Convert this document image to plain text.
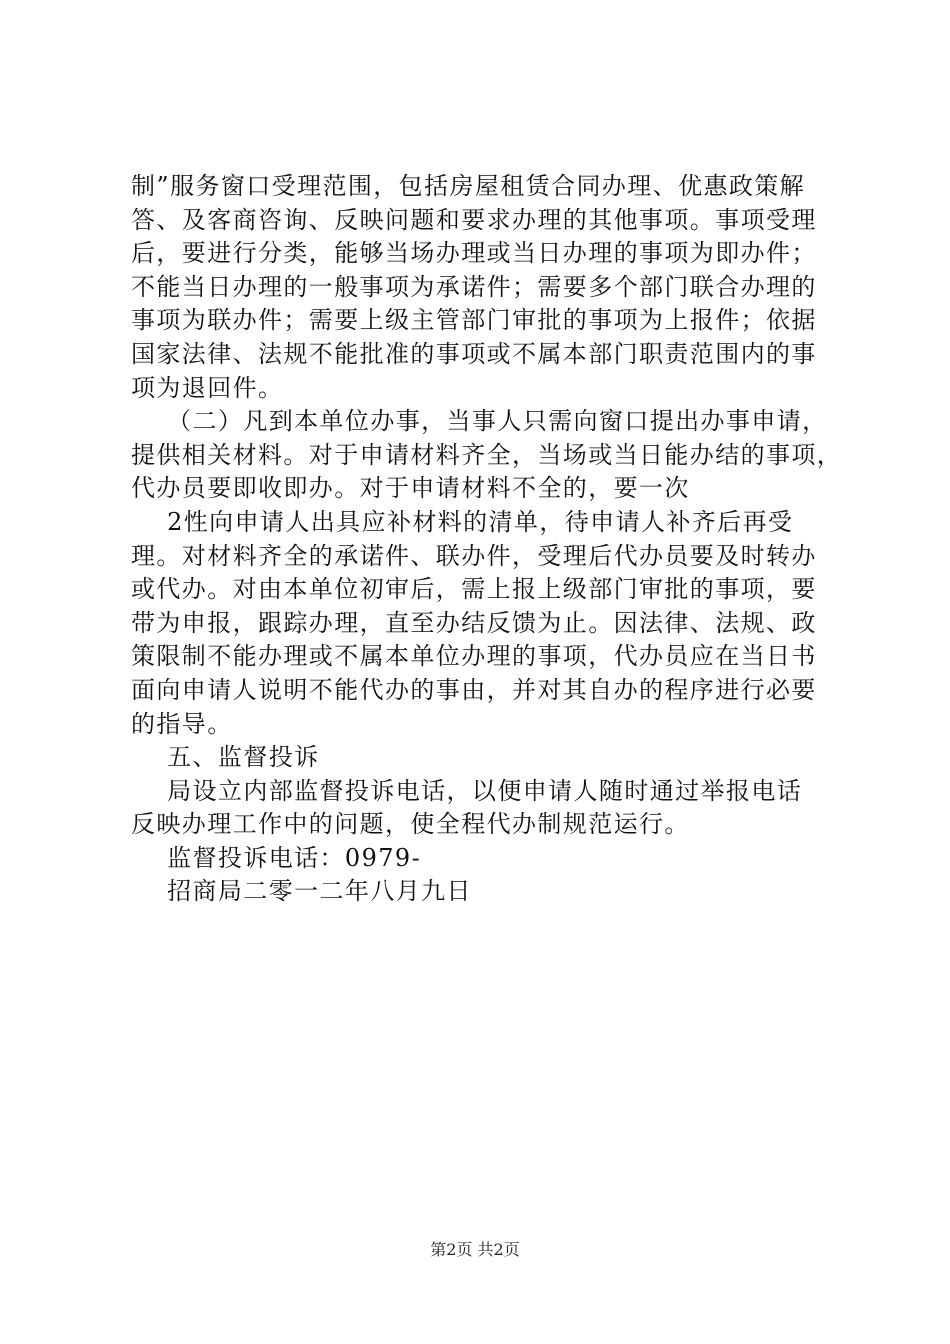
制”服务窗口受理范围，包括房屋租赁合同办理、优惠政策解
答、及客商咨询、反映问题和要求办理的其他事项。事项受理
后，要进行分类，能够当场办理或当日办理的事项为即办件；
不能当日办理的一般事项为承诺件；需要多个部门联合办理的
事项为联办件；需要上级主管部门审批的事项为上报件；依据
国家法律、法规不能批准的事项或不属本部门职责范围内的事
项为退回件。
（二）凡到本单位办事，当事人只需向窗口提出办事申请，
提供相关材料。对于申请材料齐全，当场或当日能办结的事项，
代办员要即收即办。对于申请材料不全的，要一次
2性向申请人出具应补材料的清单，待申请人补齐后再受
理。对材料齐全的承诺件、联办件，受理后代办员要及时转办
或代办。对由本单位初审后，需上报上级部门审批的事项，要
带为申报，跟踪办理，直至办结反馈为止。因法律、法规、政
策限制不能办理或不属本单位办理的事项，代办员应在当日书
面向申请人说明不能代办的事由，并对其自办的程序进行必要
的指导。
五、监督投诉
局设立内部监督投诉电话，以便申请人随时通过举报电话
反映办理工作中的问题，使全程代办制规范运行。
监督投诉电话：0979-
招商局二零一二年八月九日
第2页 共2页
